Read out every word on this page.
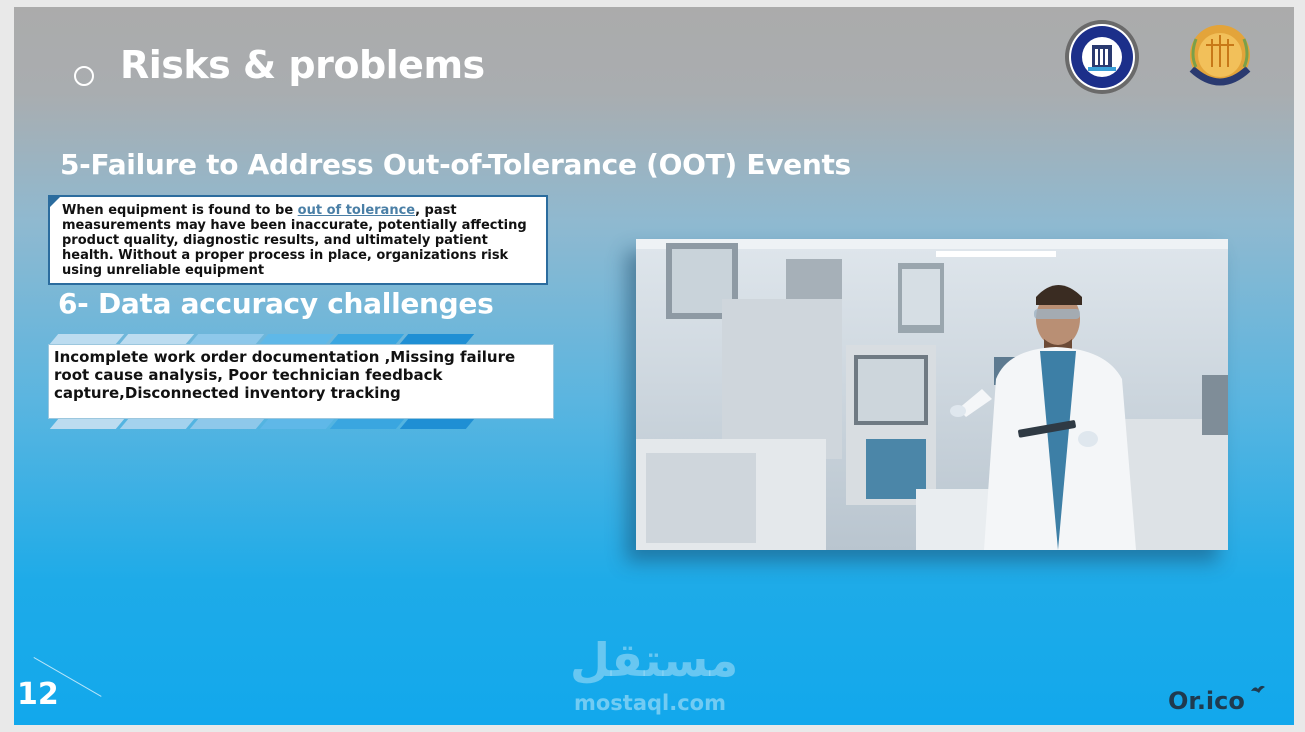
Risks & problems
5-Failure to Address Out-of-Tolerance (OOT) Events
When equipment is found to be out of tolerance, past measurements may have been inaccurate, potentially affecting product quality, diagnostic results, and ultimately patient health. Without a proper process in place, organizations risk using unreliable equipment
6- Data accuracy challenges
Incomplete work order documentation ,Missing failure root cause analysis, Poor technician feedback capture,Disconnected inventory tracking
12
مستقل
mostaql.com	Or.ico
